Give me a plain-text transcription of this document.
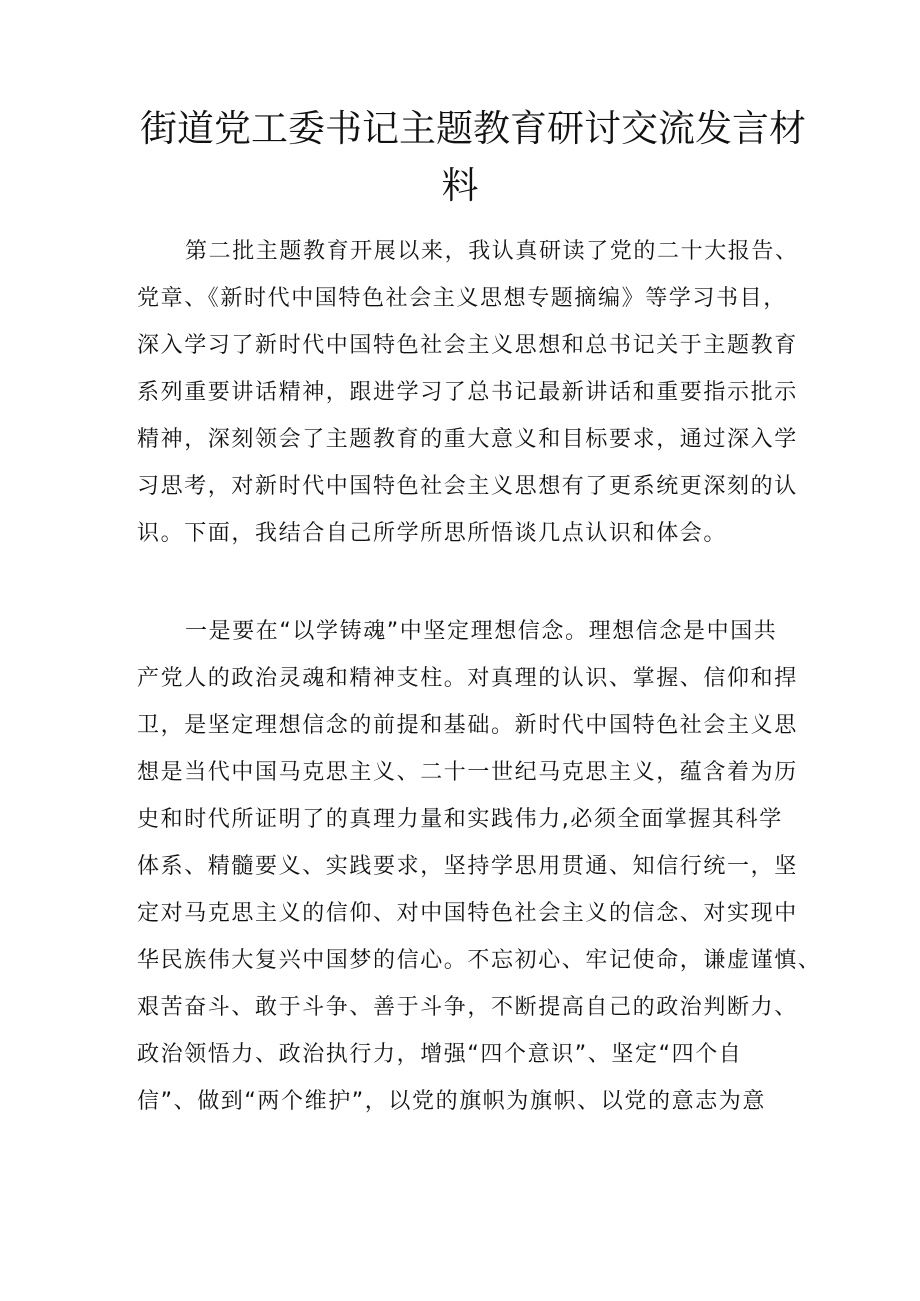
街道党工委书记主题教育研讨交流发言材
料
第二批主题教育开展以来，我认真研读了党的二十大报告、
党章、《新时代中国特色社会主义思想专题摘编》等学习书目，
深入学习了新时代中国特色社会主义思想和总书记关于主题教育
系列重要讲话精神，跟进学习了总书记最新讲话和重要指示批示
精神，深刻领会了主题教育的重大意义和目标要求，通过深入学
习思考，对新时代中国特色社会主义思想有了更系统更深刻的认
识。下面，我结合自己所学所思所悟谈几点认识和体会。
一是要在“以学铸魂”中坚定理想信念。理想信念是中国共
产党人的政治灵魂和精神支柱。对真理的认识、掌握、信仰和捍
卫，是坚定理想信念的前提和基础。新时代中国特色社会主义思
想是当代中国马克思主义、二十一世纪马克思主义，蕴含着为历
史和时代所证明了的真理力量和实践伟力,必须全面掌握其科学
体系、精髓要义、实践要求，坚持学思用贯通、知信行统一，坚
定对马克思主义的信仰、对中国特色社会主义的信念、对实现中
华民族伟大复兴中国梦的信心。不忘初心、牢记使命，谦虚谨慎、
艰苦奋斗、敢于斗争、善于斗争，不断提高自己的政治判断力、
政治领悟力、政治执行力，增强“四个意识”、坚定“四个自
信”、做到“两个维护”，以党的旗帜为旗帜、以党的意志为意
